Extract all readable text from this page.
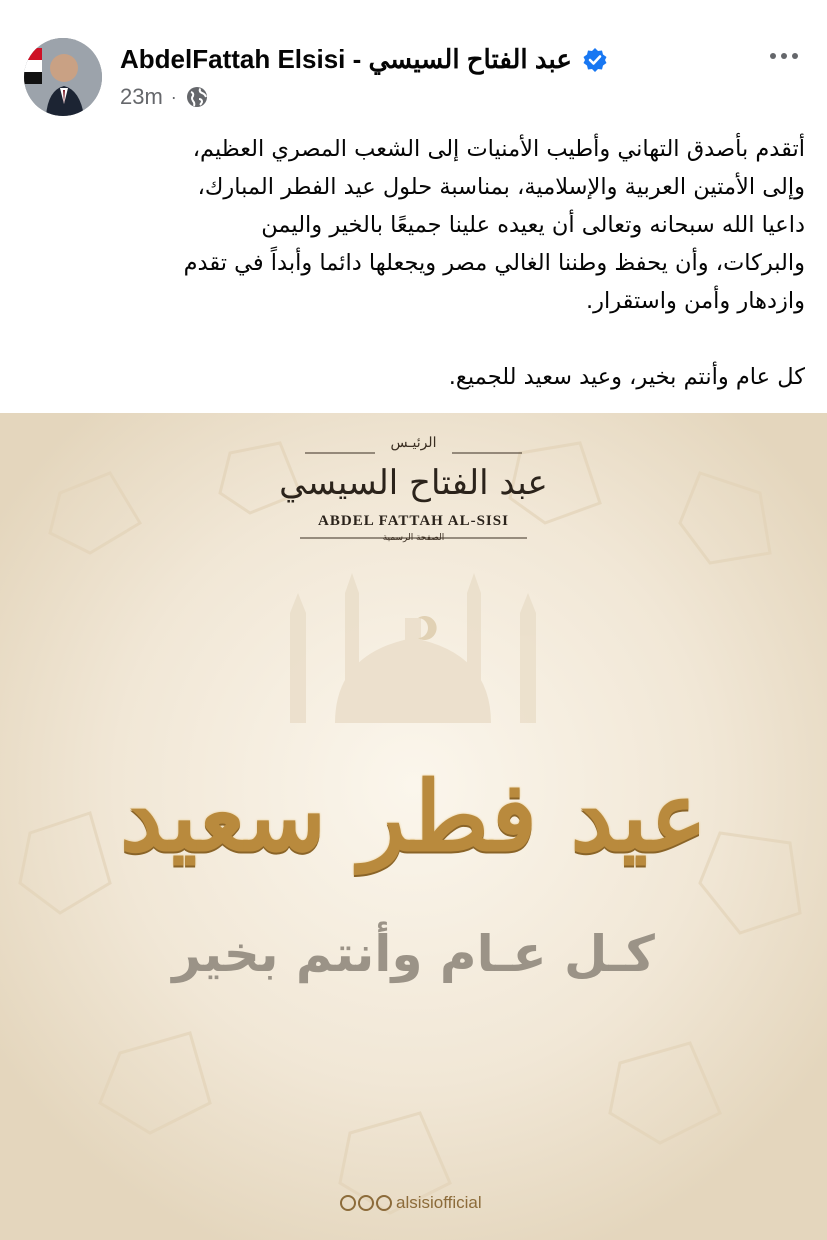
AbdelFattah Elsisi - عبد الفتاح السيسي
23m ·

أتقدم بأصدق التهاني وأطيب الأمنيات إلى الشعب المصري العظيم،

وإلى الأمتين العربية والإسلامية، بمناسبة حلول عيد الفطر المبارك،

داعيا الله سبحانه وتعالى أن يعيده علينا جميعًا بالخير واليمن

والبركات، وأن يحفظ وطننا الغالي مصر ويجعلها دائما وأبداً في تقدم

وازدهار وأمن واستقرار.

كل عام وأنتم بخير، وعيد سعيد للجميع.

الرئيـس
عبد الفتاح السيسي
ABDEL FATTAH AL-SISI
الصفحة الرسمية
عيد فطر سعيد
كـل عـام وأنتم بخير
alsisiofficial
